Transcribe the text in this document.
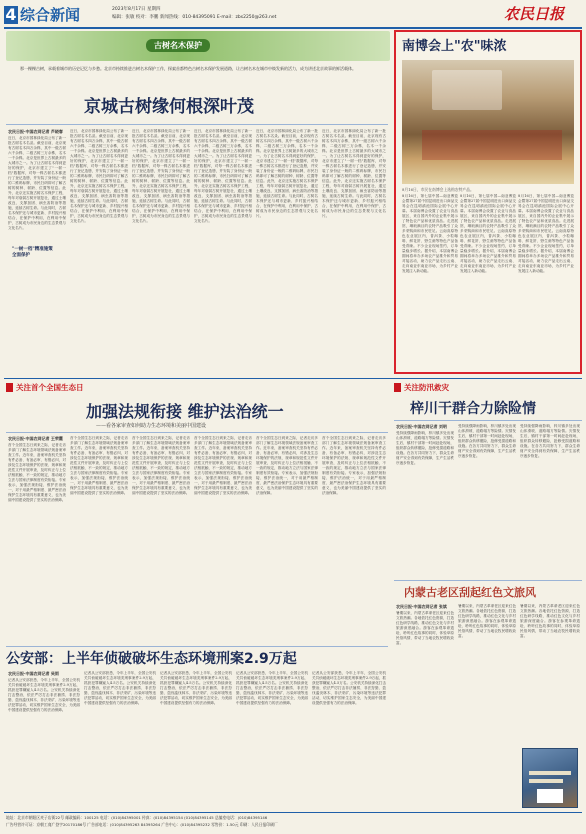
4 综合新闻	2023年8月17日 星期四
编辑：张敏 校对：李鹏 新闻热线：010-84395091 E-mail：zbs2250@263.net	农民日报
古树名木保护
那一棵棵古树，承载着城市的历史记忆与乡愁。北京市持续推进古树名木保护工作，探索首都特色古树名木保护发展道路，让古树名木在城市中焕发新的活力，成为讲述北京故事的鲜活载体。
京城古树缘何根深叶茂
农民日报·中国农网记者 芦晓春
近日，北京市园林绿化局公布了新一批古树名木名录。截至目前，北京现有古树名木四万余株，其中一级古树六千余株、二级古树三万余株，名木一千余株。北京是世界上古树最多的大城市之一。为了让古树名木得到更好的保护，北京市建立了"一树一档"数据库，对每一株古树名木都进行了登记造册，并安装了身份证一般的二维码标牌，市民扫码即可了解古树的树种、树龄、位置等信息。此外，北京还实施古树名木保护工程，每年对衰弱古树开展复壮，通过土壤改良、支撑加固、病虫害防治等措施，延续古树生命。与此同时，古树名木保护还与城市更新、乡村振兴相结合，在保护中利用，在利用中保护，古树成为市民身边的生态景观与文化名片。
"一树一档"精准施策
全面保护
近日，北京市园林绿化局公布了新一批古树名木名录。截至目前，北京现有古树名木四万余株，其中一级古树六千余株、二级古树三万余株，名木一千余株。北京是世界上古树最多的大城市之一。为了让古树名木得到更好的保护，北京市建立了"一树一档"数据库，对每一株古树名木都进行了登记造册，并安装了身份证一般的二维码标牌，市民扫码即可了解古树的树种、树龄、位置等信息。此外，北京还实施古树名木保护工程，每年对衰弱古树开展复壮，通过土壤改良、支撑加固、病虫害防治等措施，延续古树生命。与此同时，古树名木保护还与城市更新、乡村振兴相结合，在保护中利用，在利用中保护，古树成为市民身边的生态景观与文化名片。
近日，北京市园林绿化局公布了新一批古树名木名录。截至目前，北京现有古树名木四万余株，其中一级古树六千余株、二级古树三万余株，名木一千余株。北京是世界上古树最多的大城市之一。为了让古树名木得到更好的保护，北京市建立了"一树一档"数据库，对每一株古树名木都进行了登记造册，并安装了身份证一般的二维码标牌，市民扫码即可了解古树的树种、树龄、位置等信息。此外，北京还实施古树名木保护工程，每年对衰弱古树开展复壮，通过土壤改良、支撑加固、病虫害防治等措施，延续古树生命。与此同时，古树名木保护还与城市更新、乡村振兴相结合，在保护中利用，在利用中保护，古树成为市民身边的生态景观与文化名片。
近日，北京市园林绿化局公布了新一批古树名木名录。截至目前，北京现有古树名木四万余株，其中一级古树六千余株、二级古树三万余株，名木一千余株。北京是世界上古树最多的大城市之一。为了让古树名木得到更好的保护，北京市建立了"一树一档"数据库，对每一株古树名木都进行了登记造册，并安装了身份证一般的二维码标牌，市民扫码即可了解古树的树种、树龄、位置等信息。此外，北京还实施古树名木保护工程，每年对衰弱古树开展复壮，通过土壤改良、支撑加固、病虫害防治等措施，延续古树生命。与此同时，古树名木保护还与城市更新、乡村振兴相结合，在保护中利用，在利用中保护，古树成为市民身边的生态景观与文化名片。
近日，北京市园林绿化局公布了新一批古树名木名录。截至目前，北京现有古树名木四万余株，其中一级古树六千余株、二级古树三万余株，名木一千余株。北京是世界上古树最多的大城市之一。为了让古树名木得到更好的保护，北京市建立了"一树一档"数据库，对每一株古树名木都进行了登记造册，并安装了身份证一般的二维码标牌，市民扫码即可了解古树的树种、树龄、位置等信息。此外，北京还实施古树名木保护工程，每年对衰弱古树开展复壮，通过土壤改良、支撑加固、病虫害防治等措施，延续古树生命。与此同时，古树名木保护还与城市更新、乡村振兴相结合，在保护中利用，在利用中保护，古树成为市民身边的生态景观与文化名片。
近日，北京市园林绿化局公布了新一批古树名木名录。截至目前，北京现有古树名木四万余株，其中一级古树六千余株、二级古树三万余株，名木一千余株。北京是世界上古树最多的大城市之一。为了让古树名木得到更好的保护，北京市建立了"一树一档"数据库，对每一株古树名木都进行了登记造册，并安装了身份证一般的二维码标牌，市民扫码即可了解古树的树种、树龄、位置等信息。此外，北京还实施古树名木保护工程，每年对衰弱古树开展复壮，通过土壤改良、支撑加固、病虫害防治等措施，延续古树生命。与此同时，古树名木保护还与城市更新、乡村振兴相结合，在保护中利用，在利用中保护，古树成为市民身边的生态景观与文化名片。
南博会上"农"味浓
8月16日，市民在南博会上选购农特产品。
8月16日，第七届中国—南亚博览会暨第27届中国昆明进出口商品交易会在昆明滇池国际会展中心开幕。本届南博会设置了农业与食品展区，来自国内外的企业集中展示了特色农产品和优质食品。走进展馆，琳琅满目的农特产品吸引了众多采购商和市民驻足。云南高原特色农业展区内，普洱茶、小粒咖啡、鲜花饼、野生菌等特色产品备受青睐。不少企业现场签约，订单量稳步增长。据介绍，本届南博会期间将举办多场农产品推介和贸易对接活动，助力农产品走出云南、走向南亚东南亚市场，为乡村产业发展注入新动能。
8月16日，第七届中国—南亚博览会暨第27届中国昆明进出口商品交易会在昆明滇池国际会展中心开幕。本届南博会设置了农业与食品展区，来自国内外的企业集中展示了特色农产品和优质食品。走进展馆，琳琅满目的农特产品吸引了众多采购商和市民驻足。云南高原特色农业展区内，普洱茶、小粒咖啡、鲜花饼、野生菌等特色产品备受青睐。不少企业现场签约，订单量稳步增长。据介绍，本届南博会期间将举办多场农产品推介和贸易对接活动，助力农产品走出云南、走向南亚东南亚市场，为乡村产业发展注入新动能。
8月16日，第七届中国—南亚博览会暨第27届中国昆明进出口商品交易会在昆明滇池国际会展中心开幕。本届南博会设置了农业与食品展区，来自国内外的企业集中展示了特色农产品和优质食品。走进展馆，琳琅满目的农特产品吸引了众多采购商和市民驻足。云南高原特色农业展区内，普洱茶、小粒咖啡、鲜花饼、野生菌等特色产品备受青睐。不少企业现场签约，订单量稳步增长。据介绍，本届南博会期间将举办多场农产品推介和贸易对接活动，助力农产品走出云南、走向南亚东南亚市场，为乡村产业发展注入新动能。
关注首个全国生态日
加强法规衔接 维护法治统一
——看各家审查如何助力生态环境和美丽中国建设
农民日报·中国农网记者 王荣霞
首个全国生态日到来之际，记者走访多部门了解生态环境领域法规备案审查工作。近年来，备案审查机关坚持有件必备、有备必审、有错必纠，对涉及生态环境保护的法规、规章和规范性文件开展审查，及时纠正与上位法相抵触、不一致的规定，推动地方立法与国家法律制度有效衔接。专家表示，加强法规衔接、维护法治统一，对于用最严格制度、最严密法治保护生态环境具有重要意义，也为美丽中国建设提供了坚实的法治保障。
首个全国生态日到来之际，记者走访多部门了解生态环境领域法规备案审查工作。近年来，备案审查机关坚持有件必备、有备必审、有错必纠，对涉及生态环境保护的法规、规章和规范性文件开展审查，及时纠正与上位法相抵触、不一致的规定，推动地方立法与国家法律制度有效衔接。专家表示，加强法规衔接、维护法治统一，对于用最严格制度、最严密法治保护生态环境具有重要意义，也为美丽中国建设提供了坚实的法治保障。
首个全国生态日到来之际，记者走访多部门了解生态环境领域法规备案审查工作。近年来，备案审查机关坚持有件必备、有备必审、有错必纠，对涉及生态环境保护的法规、规章和规范性文件开展审查，及时纠正与上位法相抵触、不一致的规定，推动地方立法与国家法律制度有效衔接。专家表示，加强法规衔接、维护法治统一，对于用最严格制度、最严密法治保护生态环境具有重要意义，也为美丽中国建设提供了坚实的法治保障。
首个全国生态日到来之际，记者走访多部门了解生态环境领域法规备案审查工作。近年来，备案审查机关坚持有件必备、有备必审、有错必纠，对涉及生态环境保护的法规、规章和规范性文件开展审查，及时纠正与上位法相抵触、不一致的规定，推动地方立法与国家法律制度有效衔接。专家表示，加强法规衔接、维护法治统一，对于用最严格制度、最严密法治保护生态环境具有重要意义，也为美丽中国建设提供了坚实的法治保障。
首个全国生态日到来之际，记者走访多部门了解生态环境领域法规备案审查工作。近年来，备案审查机关坚持有件必备、有备必审、有错必纠，对涉及生态环境保护的法规、规章和规范性文件开展审查，及时纠正与上位法相抵触、不一致的规定，推动地方立法与国家法律制度有效衔接。专家表示，加强法规衔接、维护法治统一，对于用最严格制度、最严密法治保护生态环境具有重要意义，也为美丽中国建设提供了坚实的法治保障。
首个全国生态日到来之际，记者走访多部门了解生态环境领域法规备案审查工作。近年来，备案审查机关坚持有件必备、有备必审、有错必纠，对涉及生态环境保护的法规、规章和规范性文件开展审查，及时纠正与上位法相抵触、不一致的规定，推动地方立法与国家法律制度有效衔接。专家表示，加强法规衔接、维护法治统一，对于用最严格制度、最严密法治保护生态环境具有重要意义，也为美丽中国建设提供了坚实的法治保障。
关注防汛救灾
梓川干群合力除险情
农民日报·中国农网记者 刘明
受持续强降雨影响，梓川镇多处出现山体滑坡、道路塌方等险情。灾情发生后，镇村干部第一时间赶赴现场，组织群众转移避险，抢修受损道路和设施。在各方共同努力下，群众生命财产安全得到有效保障，生产生活秩序逐步恢复。
受持续强降雨影响，梓川镇多处出现山体滑坡、道路塌方等险情。灾情发生后，镇村干部第一时间赶赴现场，组织群众转移避险，抢修受损道路和设施。在各方共同努力下，群众生命财产安全得到有效保障，生产生活秩序逐步恢复。
受持续强降雨影响，梓川镇多处出现山体滑坡、道路塌方等险情。灾情发生后，镇村干部第一时间赶赴现场，组织群众转移避险，抢修受损道路和设施。在各方共同努力下，群众生命财产安全得到有效保障，生产生活秩序逐步恢复。
内蒙古老区刮起红色文旅风
农民日报·中国农网记者 张斌
暑期以来，内蒙古革命老区迎来红色文旅热潮。各地依托红色资源，打造红色研学线路，推动红色文化与乡村旅游深度融合。游客在参观革命遗址、聆听红色故事的同时，体验草原民俗风情，带动了当地农牧民增收致富。
暑期以来，内蒙古革命老区迎来红色文旅热潮。各地依托红色资源，打造红色研学线路，推动红色文化与乡村旅游深度融合。游客在参观革命遗址、聆听红色故事的同时，体验草原民俗风情，带动了当地农牧民增收致富。
暑期以来，内蒙古革命老区迎来红色文旅热潮。各地依托红色资源，打造红色研学线路，推动红色文化与乡村旅游深度融合。游客在参观革命遗址、聆听红色故事的同时，体验草原民俗风情，带动了当地农牧民增收致富。
公安部：上半年侦破破坏生态环境刑案2.9万起
农民日报·中国农网记者 吴雨
记者从公安部获悉，今年上半年，全国公安机关共侦破破坏生态环境类刑事案件2.9万起，抓获犯罪嫌疑人4.5万名。公安机关持续深化打击整治，依法严厉打击非法捕捞、非法狩猎、盗伐滥伐林木、非法采矿、污染环境等违法犯罪活动，切实维护国家生态安全，为美丽中国建设提供坚强有力的法治保障。
记者从公安部获悉，今年上半年，全国公安机关共侦破破坏生态环境类刑事案件2.9万起，抓获犯罪嫌疑人4.5万名。公安机关持续深化打击整治，依法严厉打击非法捕捞、非法狩猎、盗伐滥伐林木、非法采矿、污染环境等违法犯罪活动，切实维护国家生态安全，为美丽中国建设提供坚强有力的法治保障。
记者从公安部获悉，今年上半年，全国公安机关共侦破破坏生态环境类刑事案件2.9万起，抓获犯罪嫌疑人4.5万名。公安机关持续深化打击整治，依法严厉打击非法捕捞、非法狩猎、盗伐滥伐林木、非法采矿、污染环境等违法犯罪活动，切实维护国家生态安全，为美丽中国建设提供坚强有力的法治保障。
记者从公安部获悉，今年上半年，全国公安机关共侦破破坏生态环境类刑事案件2.9万起，抓获犯罪嫌疑人4.5万名。公安机关持续深化打击整治，依法严厉打击非法捕捞、非法狩猎、盗伐滥伐林木、非法采矿、污染环境等违法犯罪活动，切实维护国家生态安全，为美丽中国建设提供坚强有力的法治保障。
记者从公安部获悉，今年上半年，全国公安机关共侦破破坏生态环境类刑事案件2.9万起，抓获犯罪嫌疑人4.5万名。公安机关持续深化打击整治，依法严厉打击非法捕捞、非法狩猎、盗伐滥伐林木、非法采矿、污染环境等违法犯罪活动，切实维护国家生态安全，为美丽中国建设提供坚强有力的法治保障。
地址：北京市朝阳区麦子店街22号 邮政编码：100125 电话：(010)84395001 传真：(010)84395154 (010)84395145 总编室电话：(010)84395146
广告经营许可证：京朝工商广登字20170186号 广告部电话：(010)84395263 84395264 广告中心：(010)84395232 零售价：1.50元 印刷：人民日报印刷厂
